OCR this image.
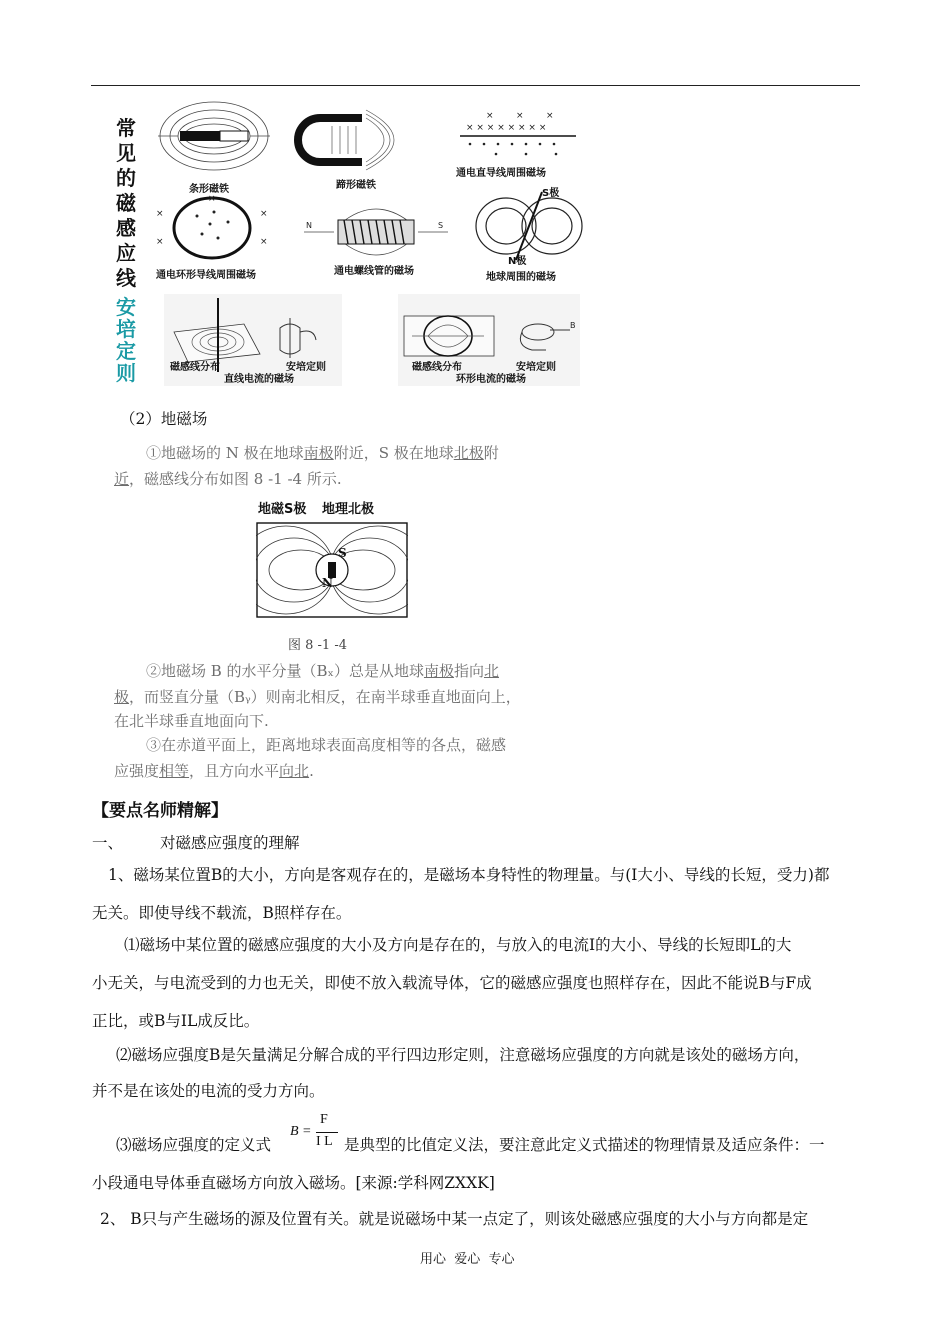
常
见
的
磁
感
应
线
安
培
定
则
条形磁铁	蹄形磁铁
× × ×
× × × × × × × ×
通电直导线周围磁场
×
×
×
×
×
通电环形导线周围磁场
N	S
通电螺线管的磁场
S极
N极
地球周围的磁场
磁感线分布	安培定则
直线电流的磁场
B
磁感线分布	安培定则
环形电流的磁场
（2）地磁场
①地磁场的 N 极在地球南极附近，S 极在地球北极附
近，磁感线分布如图 8 -1 -4 所示.
地磁S极 地理北极
S
N
图 8 -1 -4
②地磁场 B 的水平分量（Bₓ）总是从地球南极指向北
极，而竖直分量（Bᵧ）则南北相反，在南半球垂直地面向上，
在北半球垂直地面向下.
③在赤道平面上，距离地球表面高度相等的各点，磁感
应强度相等，且方向水平向北.
【要点名师精解】
一、 对磁感应强度的理解
1、磁场某位置B的大小，方向是客观存在的，是磁场本身特性的物理量。与(I大小、导线的长短，受力)都
无关。即使导线不载流，B照样存在。
⑴磁场中某位置的磁感应强度的大小及方向是存在的，与放入的电流I的大小、导线的长短即L的大
小无关，与电流受到的力也无关，即使不放入载流导体，它的磁感应强度也照样存在，因此不能说B与F成
正比，或B与IL成反比。
⑵磁场应强度B是矢量满足分解合成的平行四边形定则，注意磁场应强度的方向就是该处的磁场方向，
并不是在该处的电流的受力方向。
⑶磁场应强度的定义式
B =
F
I L 是典型的比值定义法，要注意此定义式描述的物理情景及适应条件：一
小段通电导体垂直磁场方向放入磁场。[来源:学科网ZXXK]
2、 B只与产生磁场的源及位置有关。就是说磁场中某一点定了，则该处磁感应强度的大小与方向都是定
用心  爱心  专心
